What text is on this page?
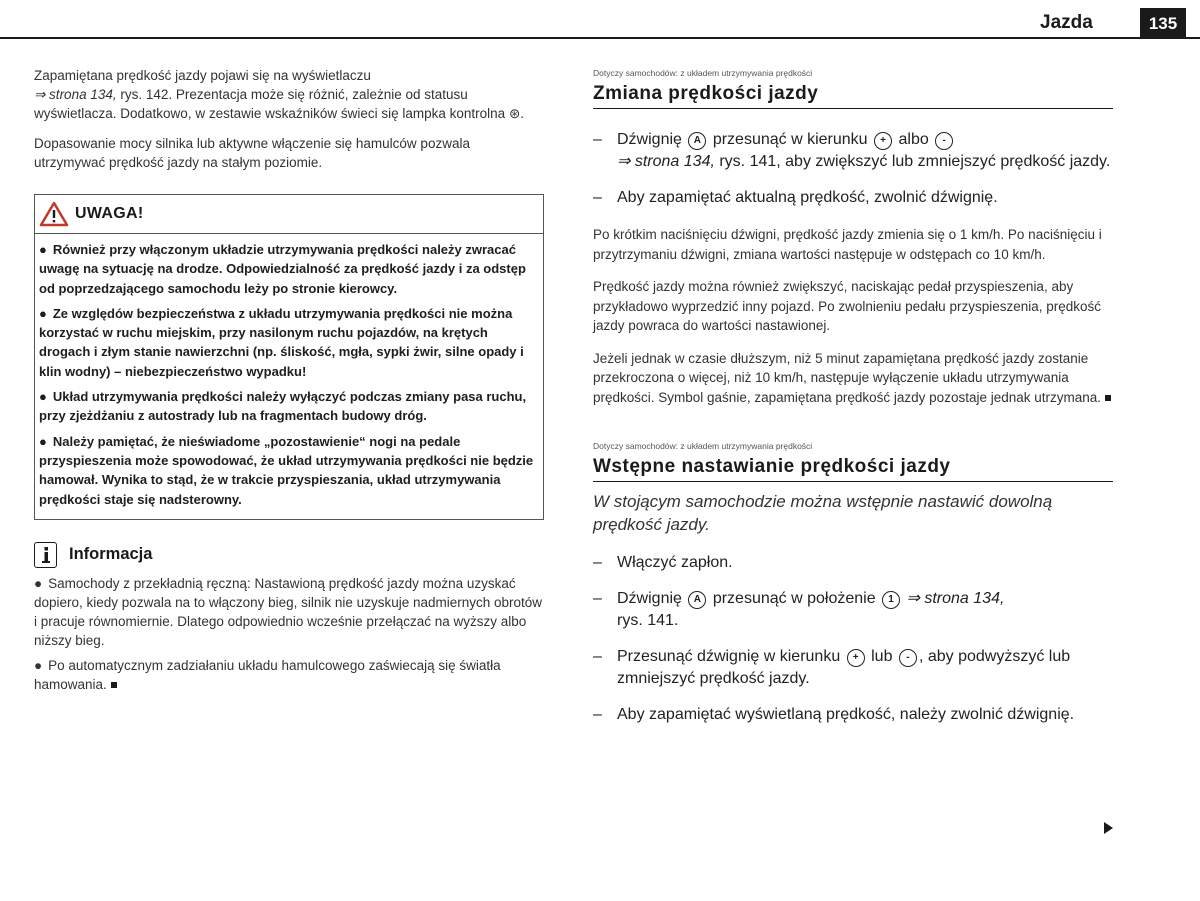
Jazda	135

Zapamiętana prędkość jazdy pojawi się na wyświetlaczu
⇒ strona 134, rys. 142. Prezentacja może się różnić, zależnie od statusu wyświetlacza. Dodatkowo, w zestawie wskaźników świeci się lampka kontrolna ⊛.

Dopasowanie mocy silnika lub aktywne włączenie się hamulców pozwala utrzymywać prędkość jazdy na stałym poziomie.

UWAGA!

● Również przy włączonym układzie utrzymywania prędkości należy zwracać uwagę na sytuację na drodze. Odpowiedzialność za prędkość jazdy i za odstęp od poprzedzającego samochodu leży po stronie kierowcy.

● Ze względów bezpieczeństwa z układu utrzymywania prędkości nie można korzystać w ruchu miejskim, przy nasilonym ruchu pojazdów, na krętych drogach i złym stanie nawierzchni (np. śliskość, mgła, sypki żwir, silne opady i klin wodny) – niebezpieczeństwo wypadku!

● Układ utrzymywania prędkości należy wyłączyć podczas zmiany pasa ruchu, przy zjeżdżaniu z autostrady lub na fragmentach budowy dróg.

● Należy pamiętać, że nieświadome „pozostawienie“ nogi na pedale przyspieszenia może spowodować, że układ utrzymywania prędkości nie będzie hamował. Wynika to stąd, że w trakcie przyspieszania, układ utrzymywania prędkości staje się nadsterowny.

Informacja

● Samochody z przekładnią ręczną: Nastawioną prędkość jazdy można uzyskać dopiero, kiedy pozwala na to włączony bieg, silnik nie uzyskuje nadmiernych obrotów i pracuje równomiernie. Dlatego odpowiednio wcześnie przełączać na wyższy albo niższy bieg.

● Po automatycznym zadziałaniu układu hamulcowego zaświecają się światła hamowania.

Dotyczy samochodów: z układem utrzymywania prędkości

Zmiana prędkości jazdy
– Dźwignię A przesunąć w kierunku + albo -
⇒ strona 134, rys. 141, aby zwiększyć lub zmniejszyć prędkość jazdy.
– Aby zapamiętać aktualną prędkość, zwolnić dźwignię.

Po krótkim naciśnięciu dźwigni, prędkość jazdy zmienia się o 1 km/h. Po naciśnięciu i przytrzymaniu dźwigni, zmiana wartości następuje w odstępach co 10 km/h.

Prędkość jazdy można również zwiększyć, naciskając pedał przyspieszenia, aby przykładowo wyprzedzić inny pojazd. Po zwolnieniu pedału przyspieszenia, prędkość jazdy powraca do wartości nastawionej.

Jeżeli jednak w czasie dłuższym, niż 5 minut zapamiętana prędkość jazdy zostanie przekroczona o więcej, niż 10 km/h, następuje wyłączenie układu utrzymywania prędkości. Symbol gaśnie, zapamiętana prędkość jazdy pozostaje jednak utrzymana.

Dotyczy samochodów: z układem utrzymywania prędkości

Wstępne nastawianie prędkości jazdy

W stojącym samochodzie można wstępnie nastawić dowolną prędkość jazdy.

– Włączyć zapłon.
– Dźwignię A przesunąć w położenie 1 ⇒ strona 134,
rys. 141.
– Przesunąć dźwignię w kierunku + lub - , aby podwyższyć lub zmniejszyć prędkość jazdy.
– Aby zapamiętać wyświetlaną prędkość, należy zwolnić dźwignię.
